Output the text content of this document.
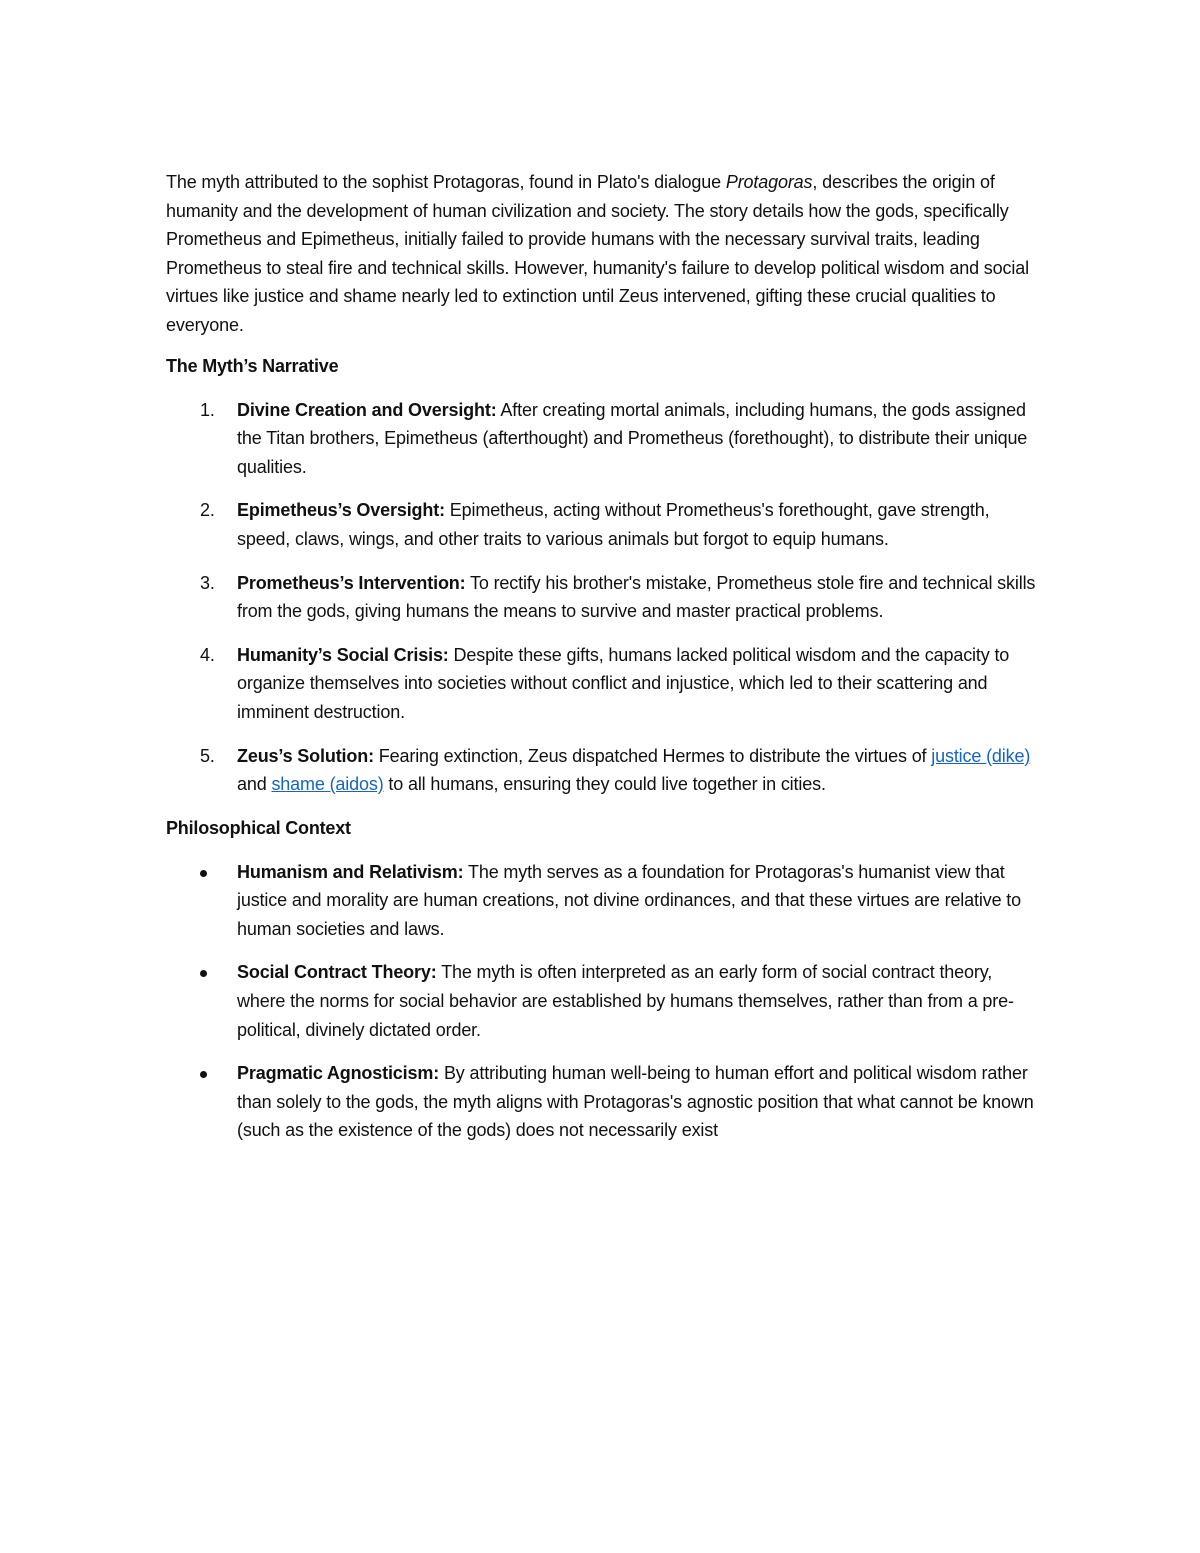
The myth attributed to the sophist Protagoras, found in Plato's dialogue Protagoras, describes the origin of humanity and the development of human civilization and society. The story details how the gods, specifically Prometheus and Epimetheus, initially failed to provide humans with the necessary survival traits, leading Prometheus to steal fire and technical skills. However, humanity's failure to develop political wisdom and social virtues like justice and shame nearly led to extinction until Zeus intervened, gifting these crucial qualities to everyone.

The Myth’s Narrative
1.	Divine Creation and Oversight: After creating mortal animals, including humans, the gods assigned the Titan brothers, Epimetheus (afterthought) and Prometheus (forethought), to distribute their unique qualities.
2.	Epimetheus’s Oversight: Epimetheus, acting without Prometheus's forethought, gave strength, speed, claws, wings, and other traits to various animals but forgot to equip humans.
3.	Prometheus’s Intervention: To rectify his brother's mistake, Prometheus stole fire and technical skills from the gods, giving humans the means to survive and master practical problems.
4.	Humanity’s Social Crisis: Despite these gifts, humans lacked political wisdom and the capacity to organize themselves into societies without conflict and injustice, which led to their scattering and imminent destruction.
5.	Zeus’s Solution: Fearing extinction, Zeus dispatched Hermes to distribute the virtues of justice (dike) and shame (aidos) to all humans, ensuring they could live together in cities.
Philosophical Context
Humanism and Relativism: The myth serves as a foundation for Protagoras's humanist view that justice and morality are human creations, not divine ordinances, and that these virtues are relative to human societies and laws.
Social Contract Theory: The myth is often interpreted as an early form of social contract theory, where the norms for social behavior are established by humans themselves, rather than from a pre-political, divinely dictated order.
Pragmatic Agnosticism: By attributing human well-being to human effort and political wisdom rather than solely to the gods, the myth aligns with Protagoras's agnostic position that what cannot be known (such as the existence of the gods) does not necessarily exist
